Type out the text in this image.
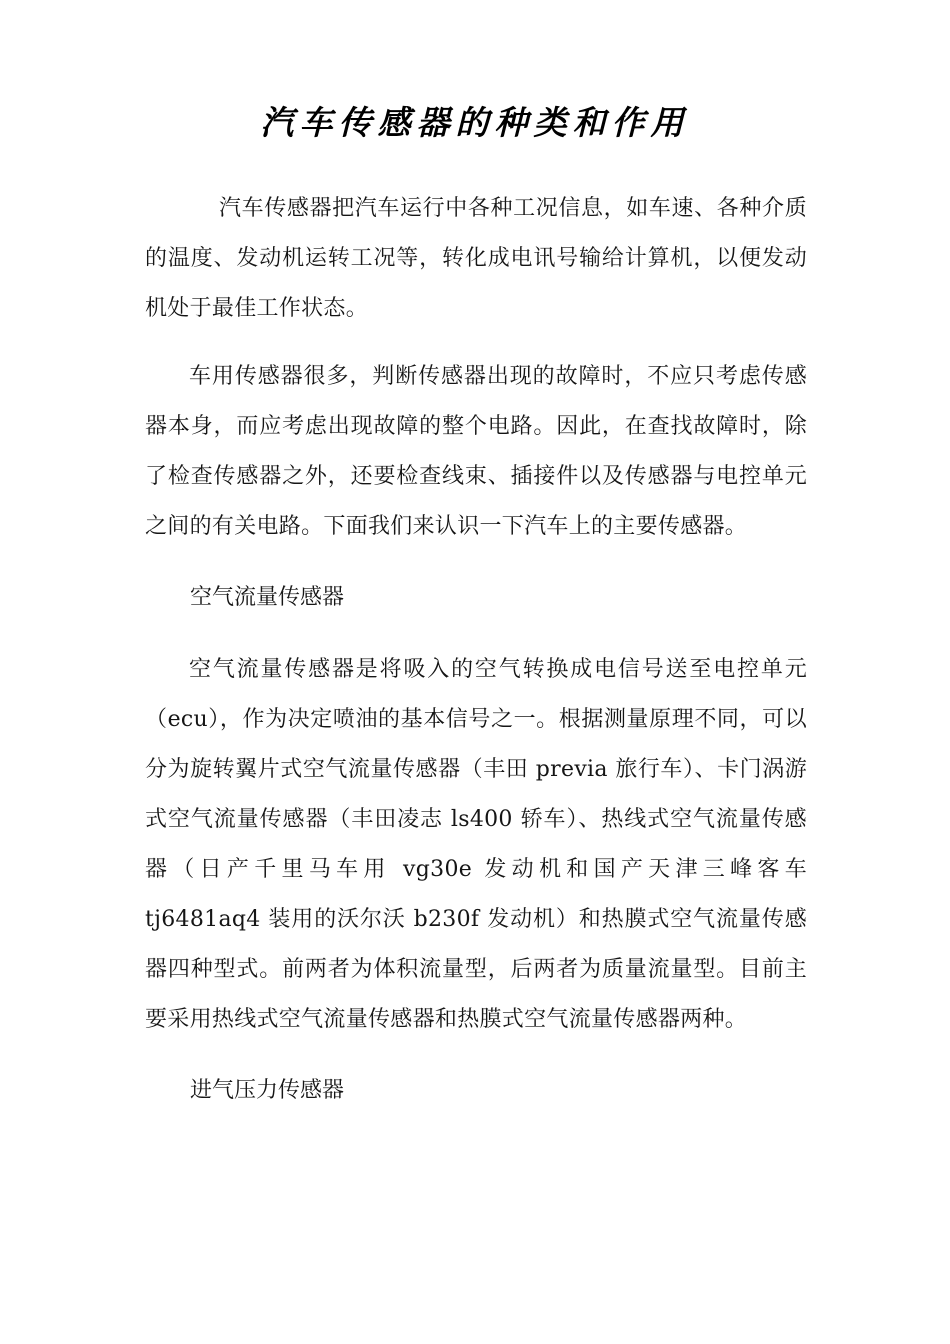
汽车传感器的种类和作用

汽车传感器把汽车运行中各种工况信息，如车速、各种介质的温度、发动机运转工况等，转化成电讯号输给计算机，以便发动机处于最佳工作状态。

车用传感器很多，判断传感器出现的故障时，不应只考虑传感器本身，而应考虑出现故障的整个电路。因此，在查找故障时，除了检查传感器之外，还要检查线束、插接件以及传感器与电控单元之间的有关电路。下面我们来认识一下汽车上的主要传感器。

空气流量传感器

空气流量传感器是将吸入的空气转换成电信号送至电控单元（ecu），作为决定喷油的基本信号之一。根据测量原理不同，可以分为旋转翼片式空气流量传感器（丰田 previa 旅行车）、卡门涡游式空气流量传感器（丰田凌志 ls400 轿车）、热线式空气流量传感器（日产千里马车用 vg30e 发动机和国产天津三峰客车 tj6481aq4 装用的沃尔沃 b230f 发动机）和热膜式空气流量传感器四种型式。前两者为体积流量型，后两者为质量流量型。目前主要采用热线式空气流量传感器和热膜式空气流量传感器两种。

进气压力传感器
